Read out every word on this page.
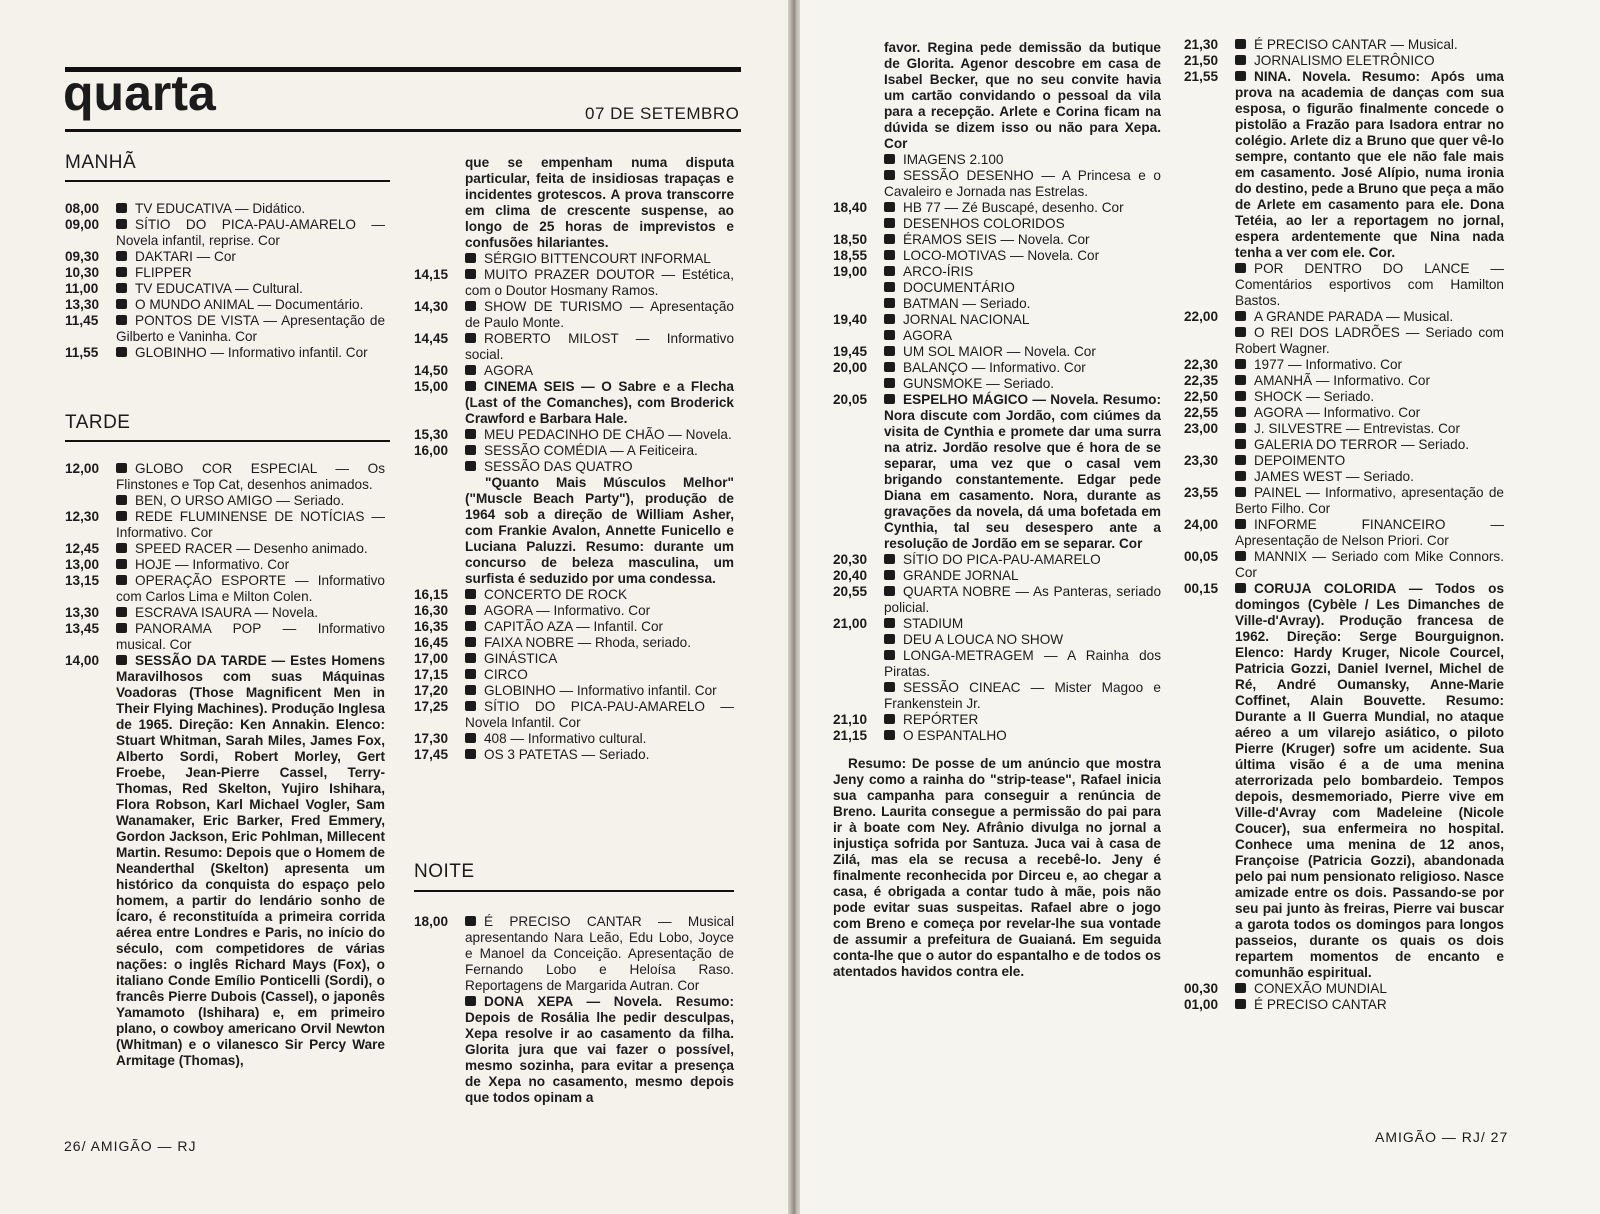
quarta	07 DE SETEMBRO
MANHÃ
08,00	TV EDUCATIVA — Didático.
09,00	SÍTIO DO PICA-PAU-AMARELO — Novela infantil, reprise. Cor
09,30	DAKTARI — Cor
10,30	FLIPPER
11,00	TV EDUCATIVA — Cultural.
13,30	O MUNDO ANIMAL — Documentário.
11,45	PONTOS DE VISTA — Apresentação de Gilberto e Vaninha. Cor
11,55	GLOBINHO — Informativo infantil. Cor
TARDE
12,00	GLOBO COR ESPECIAL — Os Flinstones e Top Cat, desenhos animados.
BEN, O URSO AMIGO — Seriado.
12,30	REDE FLUMINENSE DE NOTÍCIAS — Informativo. Cor
12,45	SPEED RACER — Desenho animado.
13,00	HOJE — Informativo. Cor
13,15	OPERAÇÃO ESPORTE — Informativo com Carlos Lima e Milton Colen.
13,30	ESCRAVA ISAURA — Novela.
13,45	PANORAMA POP — Informativo musical. Cor
14,00	SESSÃO DA TARDE — Estes Homens Maravilhosos com suas Máquinas Voadoras (Those Magnificent Men in Their Flying Machines). Produção Inglesa de 1965. Direção: Ken Annakin. Elenco: Stuart Whitman, Sarah Miles, James Fox, Alberto Sordi, Robert Morley, Gert Froebe, Jean-Pierre Cassel, Terry-Thomas, Red Skelton, Yujiro Ishihara, Flora Robson, Karl Michael Vogler, Sam Wanamaker, Eric Barker, Fred Emmery, Gordon Jackson, Eric Pohlman, Millecent Martin. Resumo: Depois que o Homem de Neanderthal (Skelton) apresenta um histórico da conquista do espaço pelo homem, a partir do lendário sonho de Ícaro, é reconstituída a primeira corrida aérea entre Londres e Paris, no início do século, com competidores de várias nações: o inglês Richard Mays (Fox), o italiano Conde Emílio Ponticelli (Sordi), o francês Pierre Dubois (Cassel), o japonês Yamamoto (Ishihara) e, em primeiro plano, o cowboy americano Orvil Newton (Whitman) e o vilanesco Sir Percy Ware Armitage (Thomas),

que se empenham numa disputa particular, feita de insidiosas trapaças e incidentes grotescos. A prova transcorre em clima de crescente suspense, ao longo de 25 horas de imprevistos e confusões hilariantes.

SÉRGIO BITTENCOURT INFORMAL
14,15	MUITO PRAZER DOUTOR — Estética, com o Doutor Hosmany Ramos.
14,30	SHOW DE TURISMO — Apresentação de Paulo Monte.
14,45	ROBERTO MILOST — Informativo social.
14,50	AGORA
15,00	CINEMA SEIS — O Sabre e a Flecha (Last of the Comanches), com Broderick Crawford e Barbara Hale.
15,30	MEU PEDACINHO DE CHÃO — Novela.
16,00	SESSÃO COMÉDIA — A Feiticeira.
SESSÃO DAS QUATRO

"Quanto Mais Músculos Melhor" ("Muscle Beach Party"), produção de 1964 sob a direção de William Asher, com Frankie Avalon, Annette Funicello e Luciana Paluzzi. Resumo: durante um concurso de beleza masculina, um surfista é seduzido por uma condessa.

16,15	CONCERTO DE ROCK
16,30	AGORA — Informativo. Cor
16,35	CAPITÃO AZA — Infantil. Cor
16,45	FAIXA NOBRE — Rhoda, seriado.
17,00	GINÁSTICA
17,15	CIRCO
17,20	GLOBINHO — Informativo infantil. Cor
17,25	SÍTIO DO PICA-PAU-AMARELO — Novela Infantil. Cor
17,30	408 — Informativo cultural.
17,45	OS 3 PATETAS — Seriado.
NOITE
18,00	É PRECISO CANTAR — Musical apresentando Nara Leão, Edu Lobo, Joyce e Manoel da Conceição. Apresentação de Fernando Lobo e Heloísa Raso. Reportagens de Margarida Autran. Cor
DONA XEPA — Novela. Resumo: Depois de Rosália lhe pedir desculpas, Xepa resolve ir ao casamento da filha. Glorita jura que vai fazer o possível, mesmo sozinha, para evitar a presença de Xepa no casamento, mesmo depois que todos opinam a
26/ AMIGÃO — RJ

favor. Regina pede demissão da butique de Glorita. Agenor descobre em casa de Isabel Becker, que no seu convite havia um cartão convidando o pessoal da vila para a recepção. Arlete e Corina ficam na dúvida se dizem isso ou não para Xepa. Cor

IMAGENS 2.100
SESSÃO DESENHO — A Princesa e o Cavaleiro e Jornada nas Estrelas.
18,40	HB 77 — Zé Buscapé, desenho. Cor
DESENHOS COLORIDOS
18,50	ÉRAMOS SEIS — Novela. Cor
18,55	LOCO-MOTIVAS — Novela. Cor
19,00	ARCO-ÍRIS
DOCUMENTÁRIO
BATMAN — Seriado.
19,40	JORNAL NACIONAL
AGORA
19,45	UM SOL MAIOR — Novela. Cor
20,00	BALANÇO — Informativo. Cor
GUNSMOKE — Seriado.
20,05	ESPELHO MÁGICO — Novela. Resumo: Nora discute com Jordão, com ciúmes da visita de Cynthia e promete dar uma surra na atriz. Jordão resolve que é hora de se separar, uma vez que o casal vem brigando constantemente. Edgar pede Diana em casamento. Nora, durante as gravações da novela, dá uma bofetada em Cynthia, tal seu desespero ante a resolução de Jordão em se separar. Cor
20,30	SÍTIO DO PICA-PAU-AMARELO
20,40	GRANDE JORNAL
20,55	QUARTA NOBRE — As Panteras, seriado policial.
21,00	STADIUM
DEU A LOUCA NO SHOW
LONGA-METRAGEM — A Rainha dos Piratas.
SESSÃO CINEAC — Mister Magoo e Frankenstein Jr.
21,10	REPÓRTER
21,15	O ESPANTALHO

Resumo: De posse de um anúncio que mostra Jeny como a rainha do "strip-tease", Rafael inicia sua campanha para conseguir a renúncia de Breno. Laurita consegue a permissão do pai para ir à boate com Ney. Afrânio divulga no jornal a injustiça sofrida por Santuza. Juca vai à casa de Zilá, mas ela se recusa a recebê-lo. Jeny é finalmente reconhecida por Dirceu e, ao chegar a casa, é obrigada a contar tudo à mãe, pois não pode evitar suas suspeitas. Rafael abre o jogo com Breno e começa por revelar-lhe sua vontade de assumir a prefeitura de Guaianá. Em seguida conta-lhe que o autor do espantalho e de todos os atentados havidos contra ele.

21,30	É PRECISO CANTAR — Musical.
21,50	JORNALISMO ELETRÔNICO
21,55	NINA. Novela. Resumo: Após uma prova na academia de danças com sua esposa, o figurão finalmente concede o pistolão a Frazão para Isadora entrar no colégio. Arlete diz a Bruno que quer vê-lo sempre, contanto que ele não fale mais em casamento. José Alípio, numa ironia do destino, pede a Bruno que peça a mão de Arlete em casamento para ele. Dona Tetéia, ao ler a reportagem no jornal, espera ardentemente que Nina nada tenha a ver com ele. Cor.
POR DENTRO DO LANCE — Comentários esportivos com Hamilton Bastos.
22,00	A GRANDE PARADA — Musical.
O REI DOS LADRÕES — Seriado com Robert Wagner.
22,30	1977 — Informativo. Cor
22,35	AMANHÃ — Informativo. Cor
22,50	SHOCK — Seriado.
22,55	AGORA — Informativo. Cor
23,00	J. SILVESTRE — Entrevistas. Cor
GALERIA DO TERROR — Seriado.
23,30	DEPOIMENTO
JAMES WEST — Seriado.
23,55	PAINEL — Informativo, apresentação de Berto Filho. Cor
24,00	INFORME FINANCEIRO — Apresentação de Nelson Priori. Cor
00,05	MANNIX — Seriado com Mike Connors. Cor
00,15	CORUJA COLORIDA — Todos os domingos (Cybèle / Les Dimanches de Ville-d'Avray). Produção francesa de 1962. Direção: Serge Bourguignon. Elenco: Hardy Kruger, Nicole Courcel, Patricia Gozzi, Daniel Ivernel, Michel de Ré, André Oumansky, Anne-Marie Coffinet, Alain Bouvette. Resumo: Durante a II Guerra Mundial, no ataque aéreo a um vilarejo asiático, o piloto Pierre (Kruger) sofre um acidente. Sua última visão é a de uma menina aterrorizada pelo bombardeio. Tempos depois, desmemoriado, Pierre vive em Ville-d'Avray com Madeleine (Nicole Coucer), sua enfermeira no hospital. Conhece uma menina de 12 anos, Françoise (Patricia Gozzi), abandonada pelo pai num pensionato religioso. Nasce amizade entre os dois. Passando-se por seu pai junto às freiras, Pierre vai buscar a garota todos os domingos para longos passeios, durante os quais os dois repartem momentos de encanto e comunhão espiritual.
00,30	CONEXÃO MUNDIAL
01,00	É PRECISO CANTAR
AMIGÃO — RJ/ 27
